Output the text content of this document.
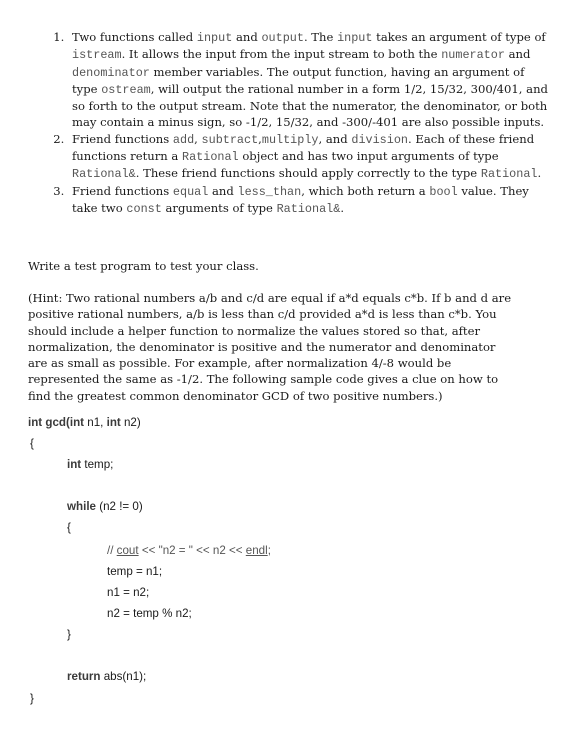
1. Two functions called input and output. The input takes an argument of type of istream. It allows the input from the input stream to both the numerator and denominator member variables. The output function, having an argument of type ostream, will output the rational number in a form 1/2, 15/32, 300/401, and so forth to the output stream. Note that the numerator, the denominator, or both may contain a minus sign, so -1/2, 15/32, and -300/-401 are also possible inputs.
2. Friend functions add, subtract,multiply, and division. Each of these friend functions return a Rational object and has two input arguments of type Rational&. These friend functions should apply correctly to the type Rational.
3. Friend functions equal and less_than, which both return a bool value. They take two const arguments of type Rational&.

Write a test program to test your class.

(Hint: Two rational numbers a/b and c/d are equal if a*d equals c*b. If b and d are positive rational numbers, a/b is less than c/d provided a*d is less than c*b. You should include a helper function to normalize the values stored so that, after normalization, the denominator is positive and the numerator and denominator are as small as possible. For example, after normalization 4/-8 would be represented the same as -1/2. The following sample code gives a clue on how to find the greatest common denominator GCD of two positive numbers.)

int gcd(int n1, int n2)
{
int temp;
while (n2 != 0)
{
// cout << "n2 = " << n2 << endl;
temp = n1;
n1 = n2;
n2 = temp % n2;
}
return abs(n1);
}
